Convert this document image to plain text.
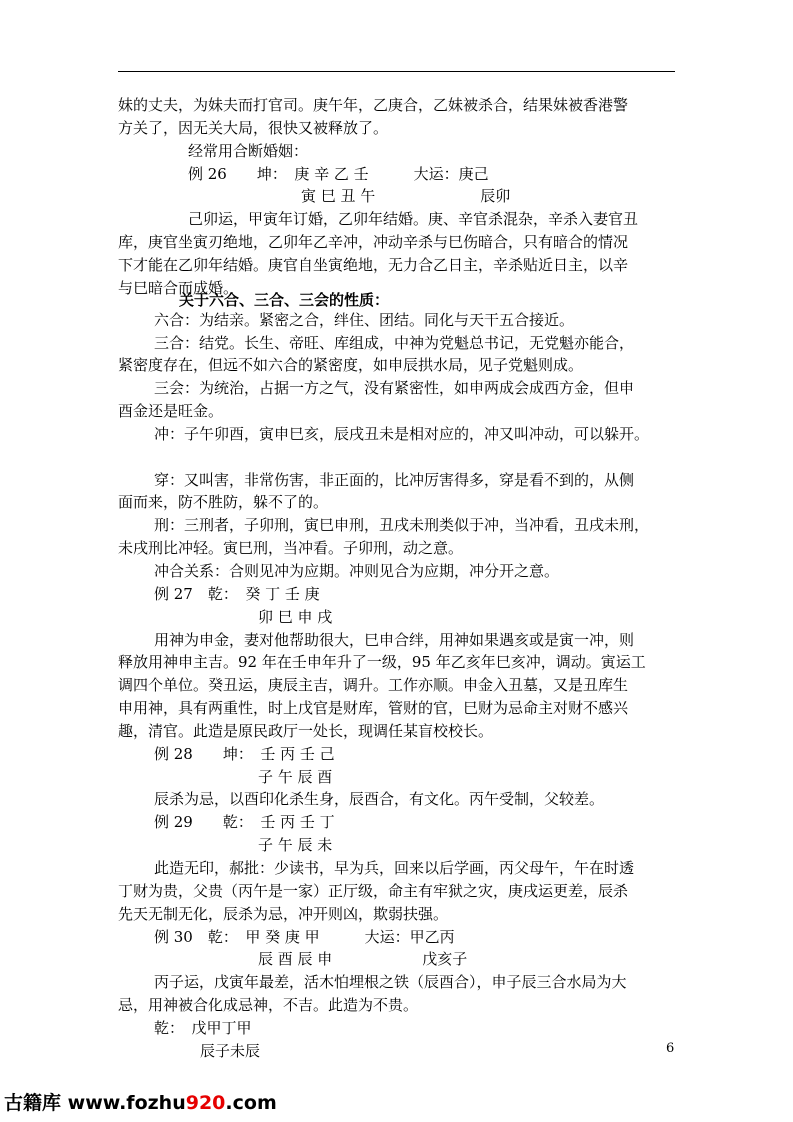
妹的丈夫，为妹夫而打官司。庚午年，乙庚合，乙妹被杀合，结果妹被香港警
方关了，因无关大局，很快又被释放了。
经常用合断婚姻：
例 26　　坤：　庚 辛 乙 壬　　　大运：庚己
寅 巳 丑 午　　　　　　　辰卯
己卯运，甲寅年订婚，乙卯年结婚。庚、辛官杀混杂，辛杀入妻官丑
库，庚官坐寅刃绝地，乙卯年乙辛冲，冲动辛杀与巳伤暗合，只有暗合的情况
下才能在乙卯年结婚。庚官自坐寅绝地，无力合乙日主，辛杀贴近日主，以辛
与巳暗合而成婚。
关于六合、三合、三会的性质：
六合：为结亲。紧密之合，绊住、团结。同化与天干五合接近。
三合：结党。长生、帝旺、库组成，中神为党魁总书记，无党魁亦能合，
紧密度存在，但远不如六合的紧密度，如申辰拱水局，见子党魁则成。
三会：为统治，占据一方之气，没有紧密性，如申两成会成西方金，但申
酉金还是旺金。
冲：子午卯酉，寅申巳亥，辰戌丑未是相对应的，冲又叫冲动，可以躲开。
穿：又叫害，非常伤害，非正面的，比冲厉害得多，穿是看不到的，从侧
面而来，防不胜防，躲不了的。
刑：三刑者，子卯刑，寅巳申刑，丑戌未刑类似于冲，当冲看，丑戌未刑，
未戌刑比冲轻。寅巳刑，当冲看。子卯刑，动之意。
冲合关系：合则见冲为应期。冲则见合为应期，冲分开之意。
例 27　乾：　癸 丁 壬 庚
卯 巳 申 戌
用神为申金，妻对他帮助很大，巳申合绊，用神如果遇亥或是寅一冲，则
释放用神申主吉。92 年在壬申年升了一级，95 年乙亥年巳亥冲，调动。寅运工
调四个单位。癸丑运，庚辰主吉，调升。工作亦顺。申金入丑墓，又是丑库生
申用神，具有两重性，时上戊官是财库，管财的官，巳财为忌命主对财不感兴
趣，清官。此造是原民政厅一处长，现调任某盲校校长。
例 28　　坤：　壬 丙 壬 己
子 午 辰 酉
辰杀为忌，以酉印化杀生身，辰酉合，有文化。丙午受制，父较差。
例 29　　乾：　壬 丙 壬 丁
子 午 辰 未
此造无印，郝批：少读书，早为兵，回来以后学画，丙父母午，午在时透
丁财为贵，父贵（丙午是一家）正厅级，命主有牢狱之灾，庚戌运更差，辰杀
先天无制无化，辰杀为忌，冲开则凶，欺弱扶强。
例 30　乾：　甲 癸 庚 甲　　　大运：甲乙丙
辰 酉 辰 申　　　　　　戊亥子
丙子运，戊寅年最差，活木怕埋根之铁（辰酉合），申子辰三合水局为大
忌，用神被合化成忌神，不吉。此造为不贵。
乾：　戊甲丁甲
辰子未辰	6
古籍库 www.fozhu920.com
